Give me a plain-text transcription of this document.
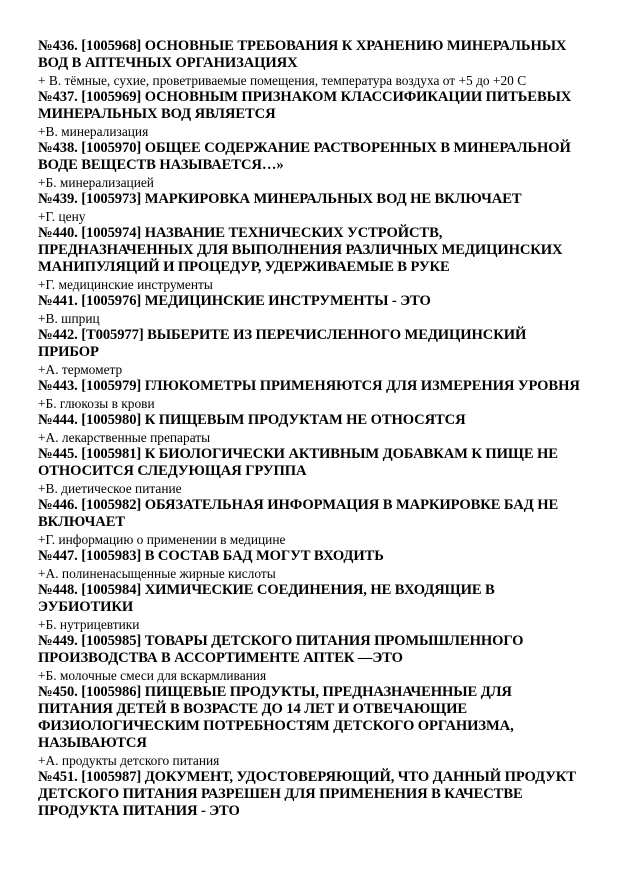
№436. [1005968] ОСНОВНЫЕ ТРЕБОВАНИЯ К ХРАНЕНИЮ МИНЕРАЛЬНЫХ ВОД В АПТЕЧНЫХ ОРГАНИЗАЦИЯХ

+ В. тёмные, сухие, проветриваемые помещения, температура воздуха от +5 до +20 С

№437. [1005969] ОСНОВНЫМ ПРИЗНАКОМ КЛАССИФИКАЦИИ ПИТЬЕВЫХ МИНЕРАЛЬНЫХ ВОД ЯВЛЯЕТСЯ

+В. минерализация

№438. [1005970] ОБЩЕЕ СОДЕРЖАНИЕ РАСТВОРЕННЫХ В МИНЕРАЛЬНОЙ ВОДЕ ВЕЩЕСТВ НАЗЫВАЕТСЯ…»

+Б. минерализацией

№439. [1005973] МАРКИРОВКА МИНЕРАЛЬНЫХ ВОД НЕ ВКЛЮЧАЕТ

+Г. цену

№440. [1005974] НАЗВАНИЕ ТЕХНИЧЕСКИХ УСТРОЙСТВ, ПРЕДНАЗНАЧЕННЫХ ДЛЯ ВЫПОЛНЕНИЯ РАЗЛИЧНЫХ МЕДИЦИНСКИХ МАНИПУЛЯЦИЙ И ПРОЦЕДУР, УДЕРЖИВАЕМЫЕ В РУКЕ

+Г. медицинские инструменты

№441. [1005976] МЕДИЦИНСКИЕ ИНСТРУМЕНТЫ - ЭТО

+В. шприц

№442. [Т005977] ВЫБЕРИТЕ ИЗ ПЕРЕЧИСЛЕННОГО МЕДИЦИНСКИЙ ПРИБОР

+А. термометр

№443. [1005979] ГЛЮКОМЕТРЫ ПРИМЕНЯЮТСЯ ДЛЯ ИЗМЕРЕНИЯ УРОВНЯ

+Б. глюкозы в крови

№444. [1005980] К ПИЩЕВЫМ ПРОДУКТАМ НЕ ОТНОСЯТСЯ

+А. лекарственные препараты

№445. [1005981] К БИОЛОГИЧЕСКИ АКТИВНЫМ ДОБАВКАМ К ПИЩЕ НЕ ОТНОСИТСЯ СЛЕДУЮЩАЯ ГРУППА

+В. диетическое питание

№446. [1005982] ОБЯЗАТЕЛЬНАЯ ИНФОРМАЦИЯ В МАРКИРОВКЕ БАД НЕ ВКЛЮЧАЕТ

+Г. информацию о применении в медицине

№447. [1005983] В СОСТАВ БАД МОГУТ ВХОДИТЬ

+А. полиненасыщенные жирные кислоты

№448. [1005984] ХИМИЧЕСКИЕ СОЕДИНЕНИЯ, НЕ ВХОДЯЩИЕ В ЭУБИОТИКИ

+Б. нутрицевтики

№449. [1005985] ТОВАРЫ ДЕТСКОГО ПИТАНИЯ ПРОМЫШЛЕННОГО ПРОИЗВОДСТВА В АССОРТИМЕНТЕ АПТЕК —ЭТО

+Б. молочные смеси для вскармливания

№450. [1005986] ПИЩЕВЫЕ ПРОДУКТЫ, ПРЕДНАЗНАЧЕННЫЕ ДЛЯ ПИТАНИЯ ДЕТЕЙ В ВОЗРАСТЕ ДО 14 ЛЕТ И ОТВЕЧАЮЩИЕ ФИЗИОЛОГИЧЕСКИМ ПОТРЕБНОСТЯМ ДЕТСКОГО ОРГАНИЗМА, НАЗЫВАЮТСЯ

+А. продукты детского питания

№451. [1005987] ДОКУМЕНТ, УДОСТОВЕРЯЮЩИЙ, ЧТО ДАННЫЙ ПРОДУКТ ДЕТСКОГО ПИТАНИЯ РАЗРЕШЕН ДЛЯ ПРИМЕНЕНИЯ В КАЧЕСТВЕ ПРОДУКТА ПИТАНИЯ - ЭТО
